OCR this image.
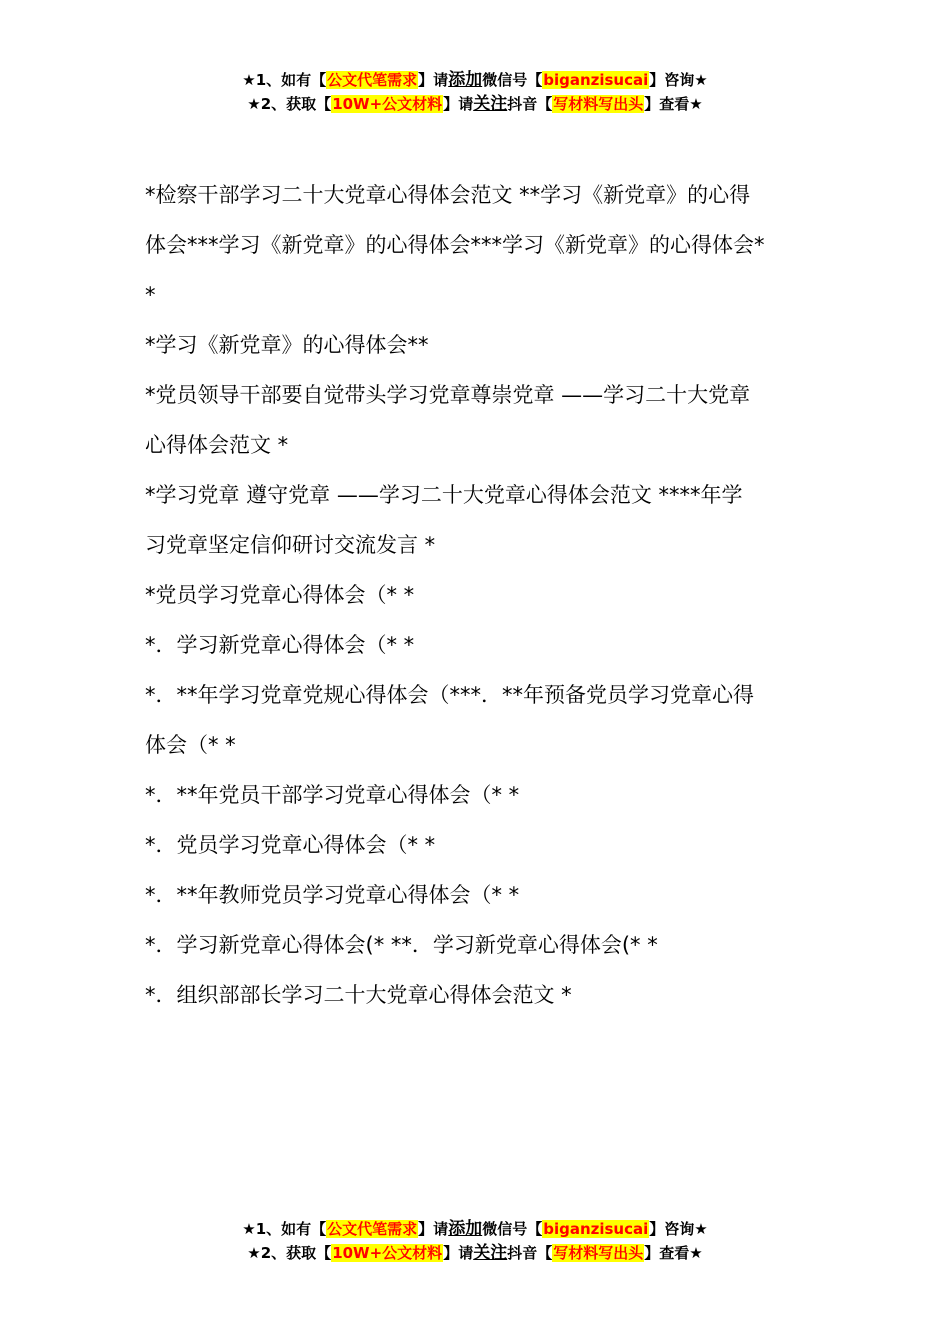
★1、如有【公文代笔需求】请添加微信号【biganzisucai】咨询★
★2、获取【10W+公文材料】请关注抖音【写材料写出头】查看★
*检察干部学习二十大党章心得体会范文 **学习《新党章》的心得
体会***学习《新党章》的心得体会***学习《新党章》的心得体会*
*
*学习《新党章》的心得体会**
*党员领导干部要自觉带头学习党章尊崇党章 ——学习二十大党章
心得体会范文 *
*学习党章 遵守党章 ——学习二十大党章心得体会范文 ****年学
习党章坚定信仰研讨交流发言 *
*党员学习党章心得体会（* *
*．学习新党章心得体会（* *
*．**年学习党章党规心得体会（***．**年预备党员学习党章心得
体会（* *
*．**年党员干部学习党章心得体会（* *
*．党员学习党章心得体会（* *
*．**年教师党员学习党章心得体会（* *
*．学习新党章心得体会(* **．学习新党章心得体会(* *
*．组织部部长学习二十大党章心得体会范文 *
★1、如有【公文代笔需求】请添加微信号【biganzisucai】咨询★
★2、获取【10W+公文材料】请关注抖音【写材料写出头】查看★
